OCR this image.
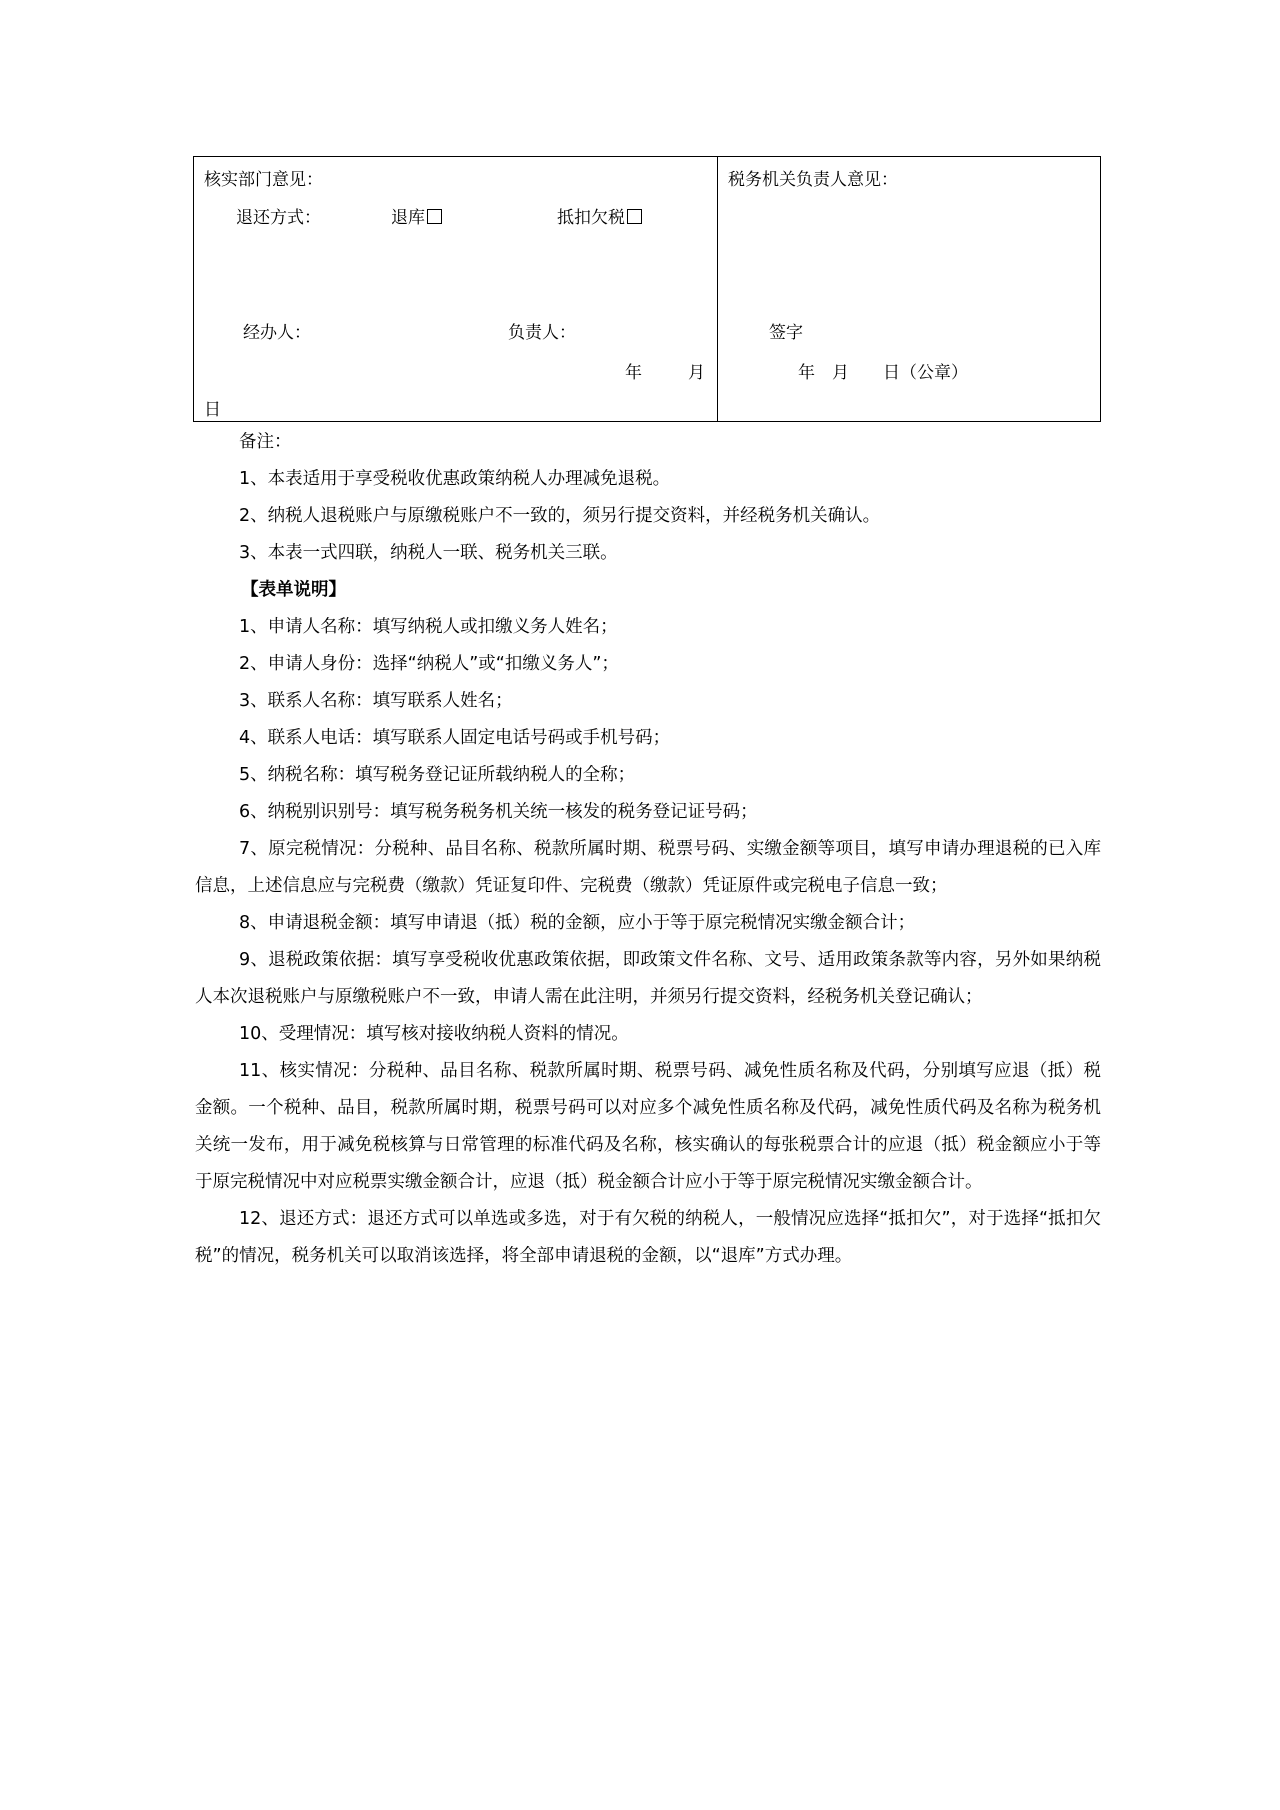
核实部门意见：
退还方式：	退库	抵扣欠税
经办人：	负责人：
年	月
日
税务机关负责人意见：
签字
年　月　　日（公章）

备注：

1、本表适用于享受税收优惠政策纳税人办理减免退税。

2、纳税人退税账户与原缴税账户不一致的，须另行提交资料，并经税务机关确认。

3、本表一式四联，纳税人一联、税务机关三联。

【表单说明】

1、申请人名称：填写纳税人或扣缴义务人姓名；

2、申请人身份：选择“纳税人”或“扣缴义务人”；

3、联系人名称：填写联系人姓名；

4、联系人电话：填写联系人固定电话号码或手机号码；

5、纳税名称：填写税务登记证所载纳税人的全称；

6、纳税别识别号：填写税务税务机关统一核发的税务登记证号码；

7、原完税情况：分税种、品目名称、税款所属时期、税票号码、实缴金额等项目，填写申请办理退税的已入库信息，上述信息应与完税费（缴款）凭证复印件、完税费（缴款）凭证原件或完税电子信息一致；

8、申请退税金额：填写申请退（抵）税的金额，应小于等于原完税情况实缴金额合计；

9、退税政策依据：填写享受税收优惠政策依据，即政策文件名称、文号、适用政策条款等内容，另外如果纳税人本次退税账户与原缴税账户不一致，申请人需在此注明，并须另行提交资料，经税务机关登记确认；

10、受理情况：填写核对接收纳税人资料的情况。

11、核实情况：分税种、品目名称、税款所属时期、税票号码、减免性质名称及代码，分别填写应退（抵）税金额。一个税种、品目，税款所属时期，税票号码可以对应多个减免性质名称及代码，减免性质代码及名称为税务机关统一发布，用于减免税核算与日常管理的标准代码及名称，核实确认的每张税票合计的应退（抵）税金额应小于等于原完税情况中对应税票实缴金额合计，应退（抵）税金额合计应小于等于原完税情况实缴金额合计。

12、退还方式：退还方式可以单选或多选，对于有欠税的纳税人，一般情况应选择“抵扣欠”，对于选择“抵扣欠税”的情况，税务机关可以取消该选择，将全部申请退税的金额，以“退库”方式办理。
